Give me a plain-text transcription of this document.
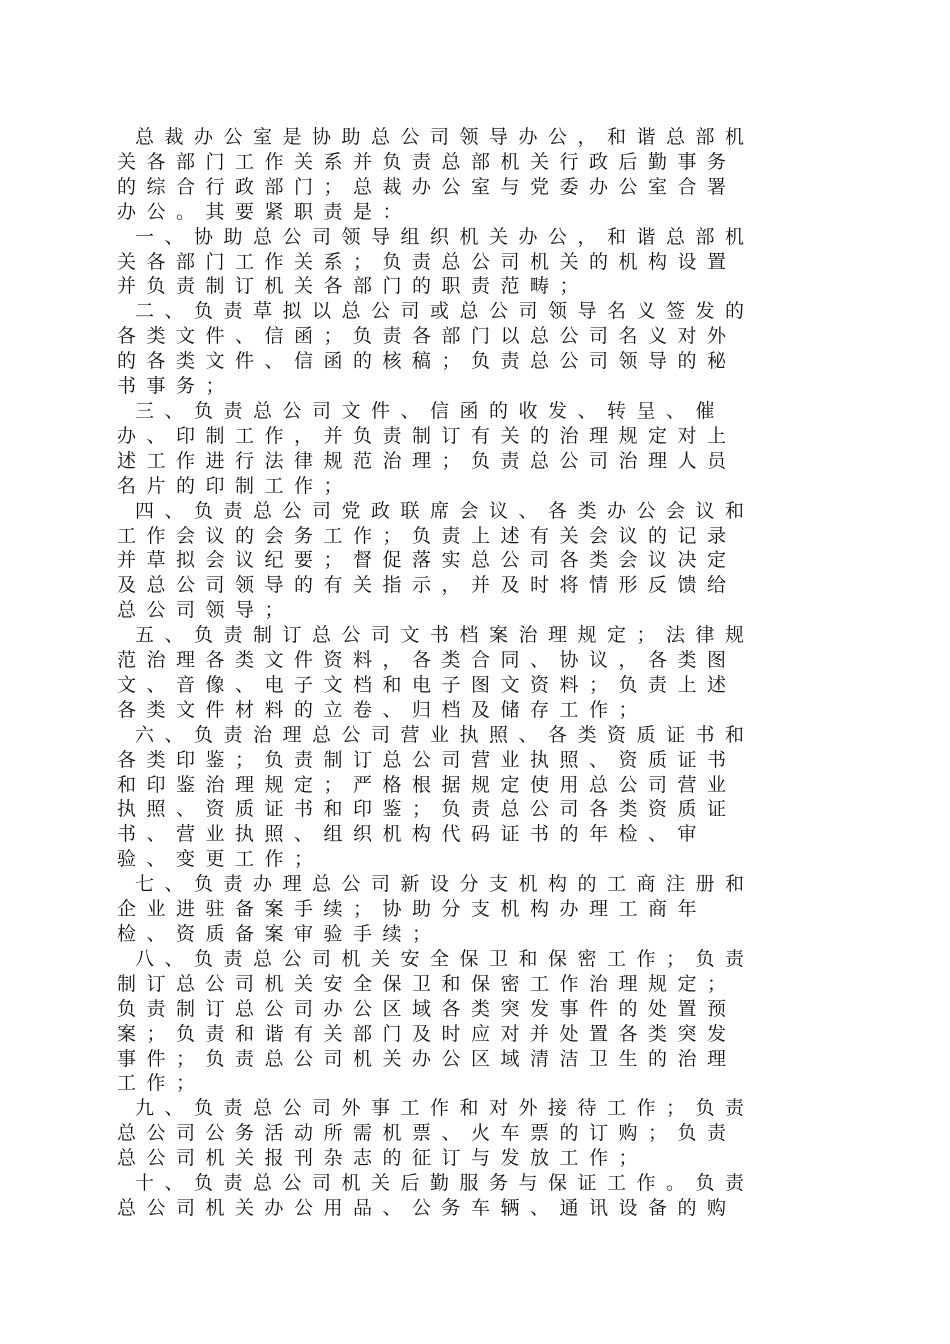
总裁办公室是协助总公司领导办公，和谐总部机
关各部门工作关系并负责总部机关行政后勤事务
的综合行政部门；总裁办公室与党委办公室合署
办公。其要紧职责是：
一、协助总公司领导组织机关办公，和谐总部机
关各部门工作关系；负责总公司机关的机构设置
并负责制订机关各部门的职责范畴；
二、负责草拟以总公司或总公司领导名义签发的
各类文件、信函；负责各部门以总公司名义对外
的各类文件、信函的核稿；负责总公司领导的秘
书事务；
三、负责总公司文件、信函的收发、转呈、催
办、印制工作，并负责制订有关的治理规定对上
述工作进行法律规范治理；负责总公司治理人员
名片的印制工作；
四、负责总公司党政联席会议、各类办公会议和
工作会议的会务工作；负责上述有关会议的记录
并草拟会议纪要；督促落实总公司各类会议决定
及总公司领导的有关指示，并及时将情形反馈给
总公司领导；
五、负责制订总公司文书档案治理规定；法律规
范治理各类文件资料，各类合同、协议，各类图
文、音像、电子文档和电子图文资料；负责上述
各类文件材料的立卷、归档及储存工作；
六、负责治理总公司营业执照、各类资质证书和
各类印鉴；负责制订总公司营业执照、资质证书
和印鉴治理规定；严格根据规定使用总公司营业
执照、资质证书和印鉴；负责总公司各类资质证
书、营业执照、组织机构代码证书的年检、审
验、变更工作；
七、负责办理总公司新设分支机构的工商注册和
企业进驻备案手续；协助分支机构办理工商年
检、资质备案审验手续；
八、负责总公司机关安全保卫和保密工作；负责
制订总公司机关安全保卫和保密工作治理规定；
负责制订总公司办公区域各类突发事件的处置预
案；负责和谐有关部门及时应对并处置各类突发
事件；负责总公司机关办公区域清洁卫生的治理
工作；
九、负责总公司外事工作和对外接待工作；负责
总公司公务活动所需机票、火车票的订购；负责
总公司机关报刊杂志的征订与发放工作；
十、负责总公司机关后勤服务与保证工作。负责
总公司机关办公用品、公务车辆、通讯设备的购
